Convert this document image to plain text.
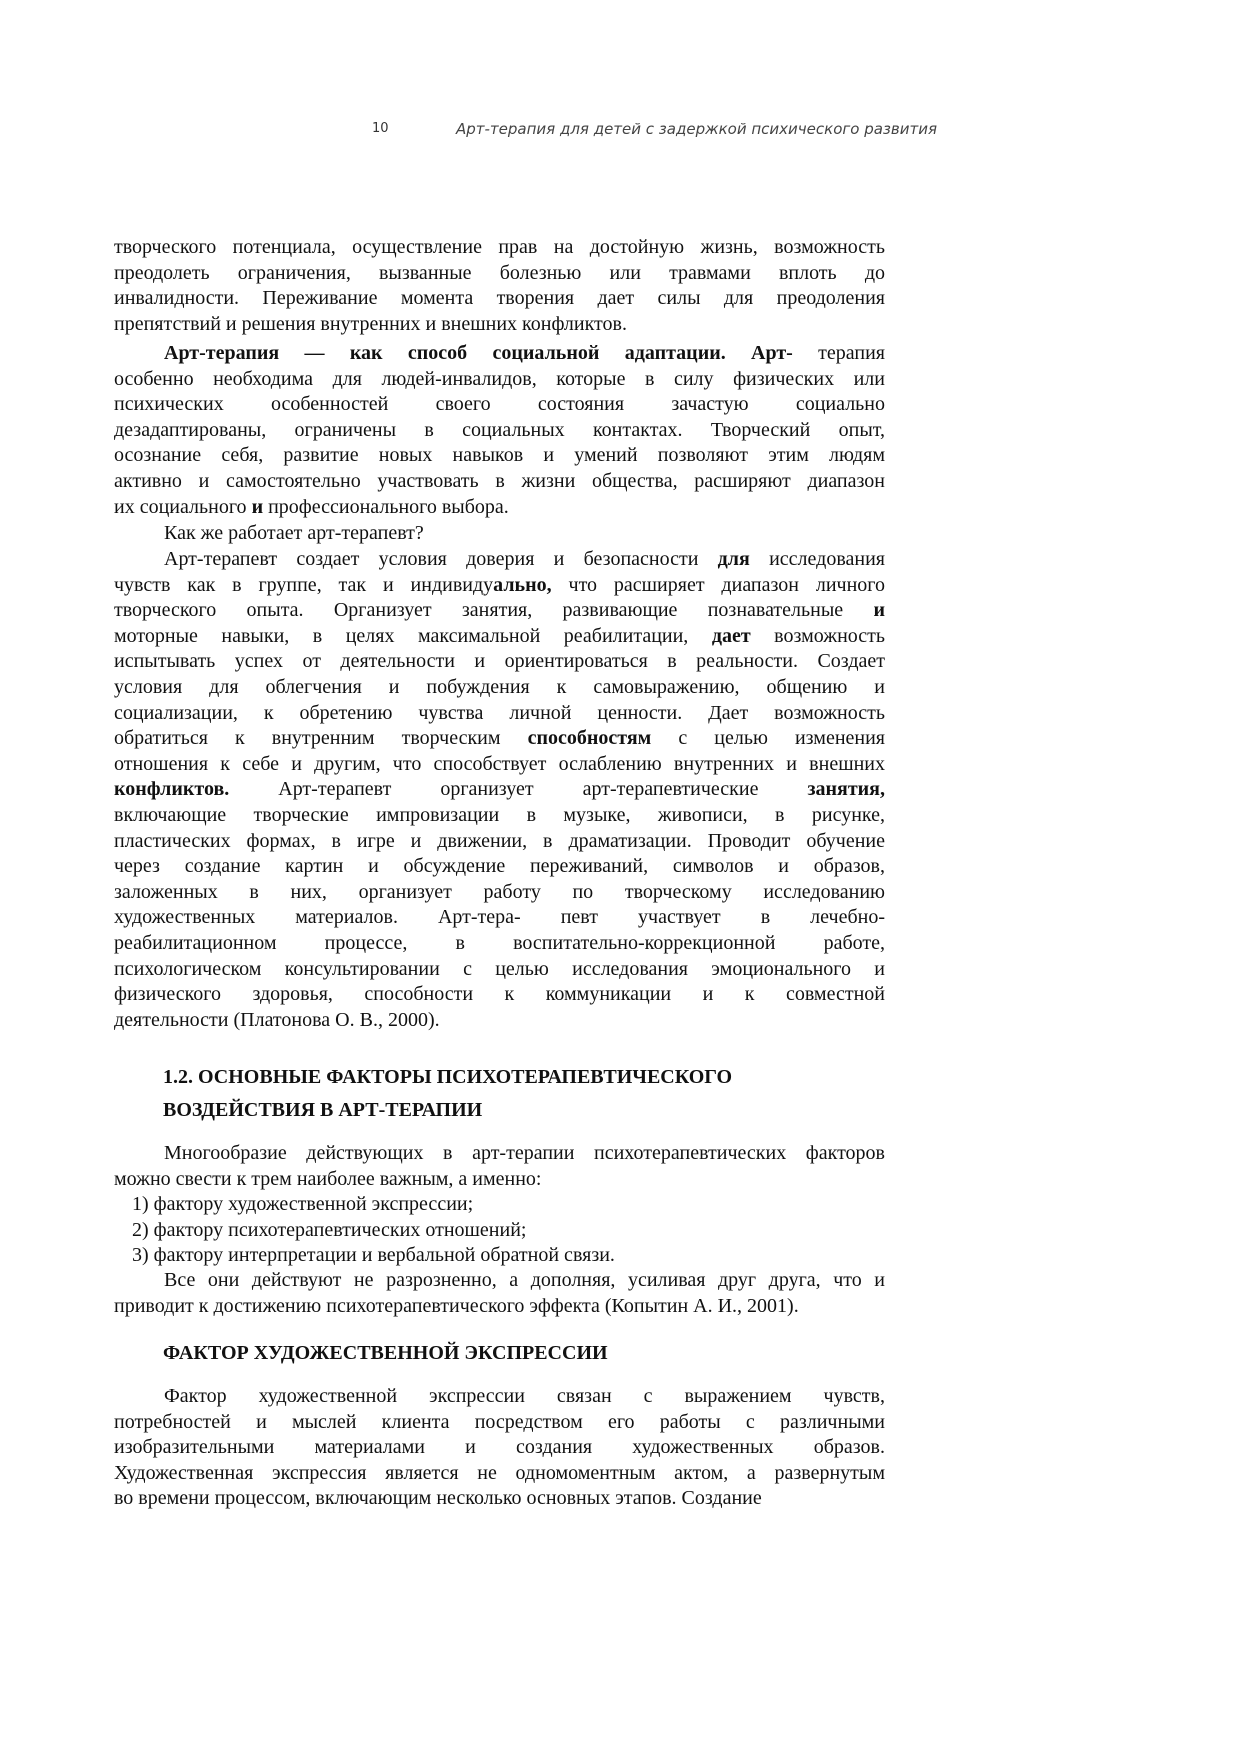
10	Арт-терапия для детей с задержкой психического развития
творческого потенциала, осуществление прав на достойную жизнь, возможность
преодолеть ограничения, вызванные болезнью или травмами вплоть до
инвалидности. Переживание момента творения дает силы для преодоления
препятствий и решения внутренних и внешних конфликтов.
Арт-терапия — как способ социальной адаптации. Арт- терапия
особенно необходима для людей-инвалидов, которые в силу физических или
психических особенностей своего состояния зачастую социально
дезадаптированы, ограничены в социальных контактах. Творческий опыт,
осознание себя, развитие новых навыков и умений позволяют этим людям
активно и самостоятельно участвовать в жизни общества, расширяют диапазон
их социального и профессионального выбора.
Как же работает арт-терапевт?
Арт-терапевт создает условия доверия и безопасности для исследования
чувств как в группе, так и индивидуально, что расширяет диапазон личного
творческого опыта. Организует занятия, развивающие познавательные и
моторные навыки, в целях максимальной реабилитации, дает возможность
испытывать успех от деятельности и ориентироваться в реальности. Создает
условия для облегчения и побуждения к самовыражению, общению и
социализации, к обретению чувства личной ценности. Дает возможность
обратиться к внутренним творческим способностям с целью изменения
отношения к себе и другим, что способствует ослаблению внутренних и внешних
конфликтов. Арт-терапевт организует арт-терапевтические занятия,
включающие творческие импровизации в музыке, живописи, в рисунке,
пластических формах, в игре и движении, в драматизации. Проводит обучение
через создание картин и обсуждение переживаний, символов и образов,
заложенных в них, организует работу по творческому исследованию
художественных материалов. Арт-тера- певт участвует в лечебно-
реабилитационном процессе, в воспитательно-коррекционной работе,
психологическом консультировании с целью исследования эмоционального и
физического здоровья, способности к коммуникации и к совместной
деятельности (Платонова О. В., 2000).
1.2. ОСНОВНЫЕ ФАКТОРЫ ПСИХОТЕРАПЕВТИЧЕСКОГО
ВОЗДЕЙСТВИЯ В АРТ-ТЕРАПИИ
Многообразие действующих в арт-терапии психотерапевтических факторов
можно свести к трем наиболее важным, а именно:
1) фактору художественной экспрессии;
2) фактору психотерапевтических отношений;
3) фактору интерпретации и вербальной обратной связи.
Все они действуют не разрозненно, а дополняя, усиливая друг друга, что и
приводит к достижению психотерапевтического эффекта (Копытин А. И., 2001).
ФАКТОР ХУДОЖЕСТВЕННОЙ ЭКСПРЕССИИ
Фактор художественной экспрессии связан с выражением чувств,
потребностей и мыслей клиента посредством его работы с различными
изобразительными материалами и создания художественных образов.
Художественная экспрессия является не одномоментным актом, а развернутым
во времени процессом, включающим несколько основных этапов. Создание
